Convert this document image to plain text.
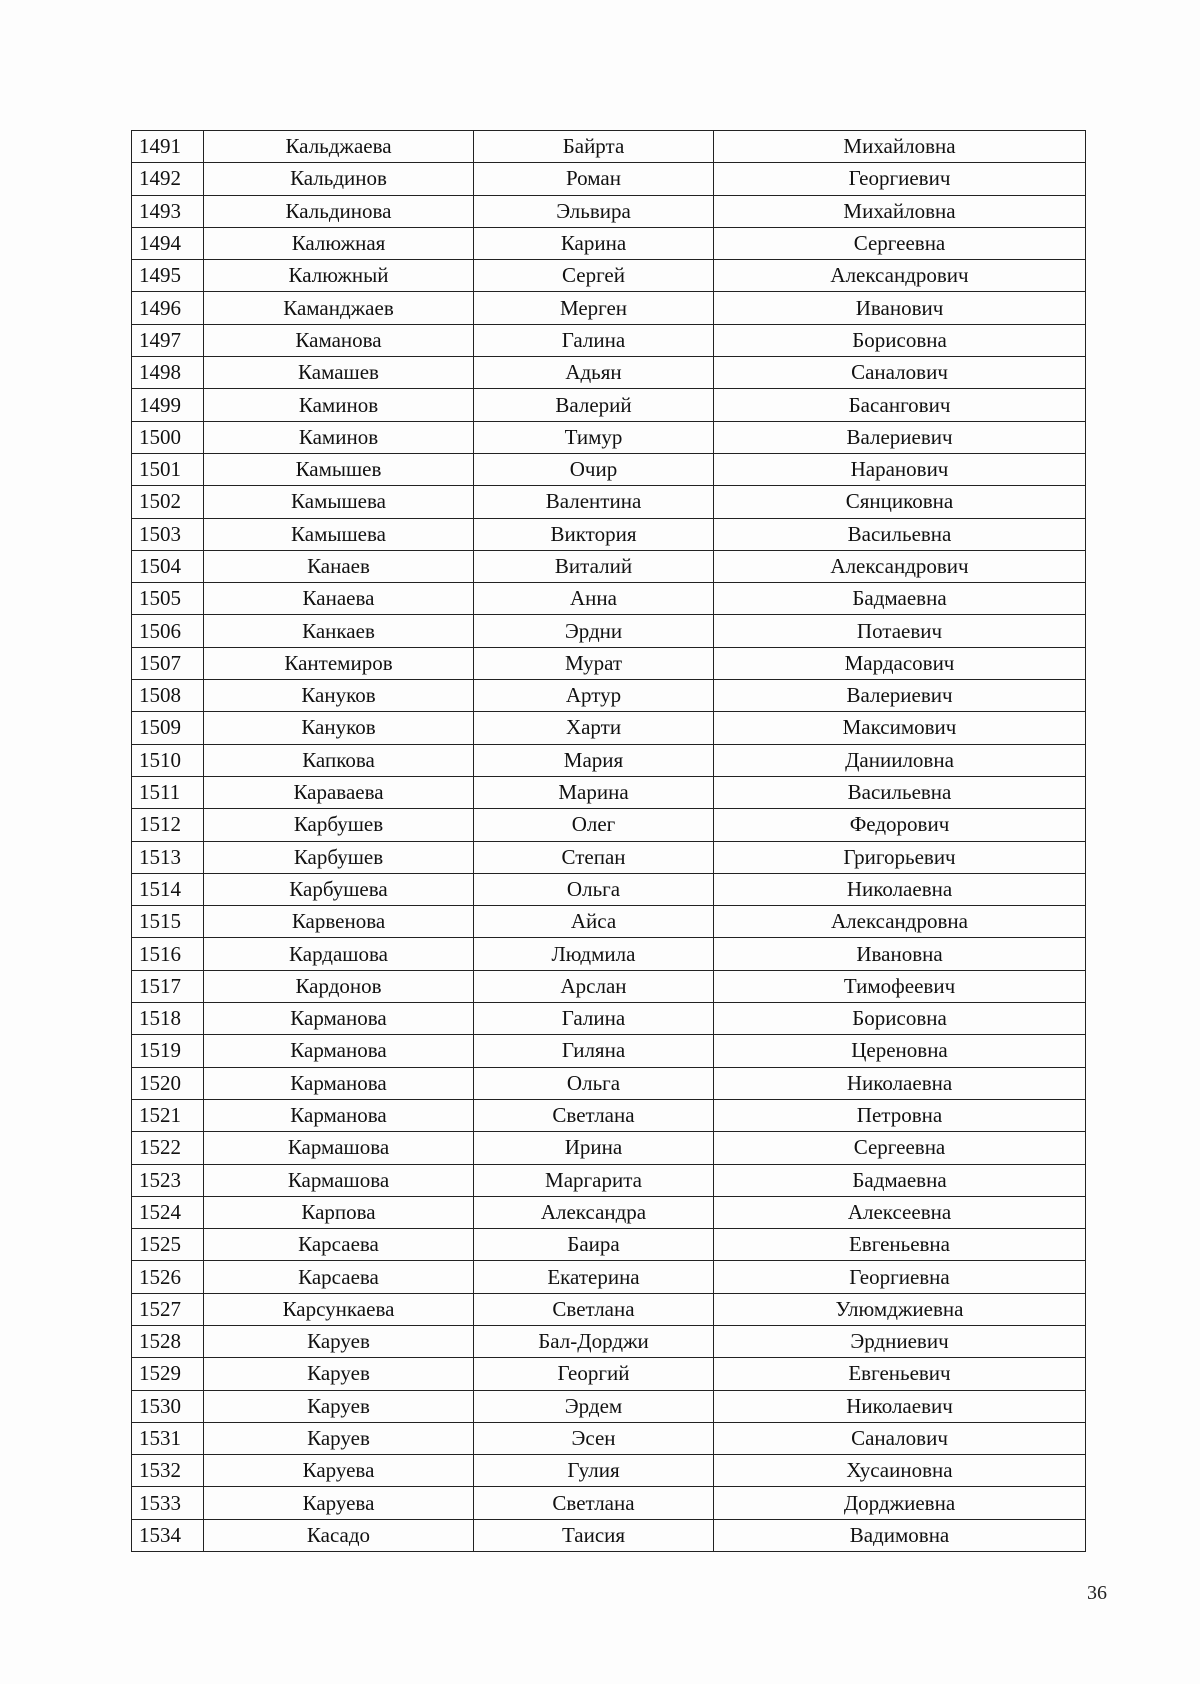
1491	Кальджаева	Байрта	Михайловна
1492	Кальдинов	Роман	Георгиевич
1493	Кальдинова	Эльвира	Михайловна
1494	Калюжная	Карина	Сергеевна
1495	Калюжный	Сергей	Александрович
1496	Каманджаев	Мерген	Иванович
1497	Каманова	Галина	Борисовна
1498	Камашев	Адьян	Саналович
1499	Каминов	Валерий	Басангович
1500	Каминов	Тимур	Валериевич
1501	Камышев	Очир	Наранович
1502	Камышева	Валентина	Сянциковна
1503	Камышева	Виктория	Васильевна
1504	Канаев	Виталий	Александрович
1505	Канаева	Анна	Бадмаевна
1506	Канкаев	Эрдни	Потаевич
1507	Кантемиров	Мурат	Мардасович
1508	Кануков	Артур	Валериевич
1509	Кануков	Харти	Максимович
1510	Капкова	Мария	Данииловна
1511	Караваева	Марина	Васильевна
1512	Карбушев	Олег	Федорович
1513	Карбушев	Степан	Григорьевич
1514	Карбушева	Ольга	Николаевна
1515	Карвенова	Айса	Александровна
1516	Кардашова	Людмила	Ивановна
1517	Кардонов	Арслан	Тимофеевич
1518	Карманова	Галина	Борисовна
1519	Карманова	Гиляна	Цереновна
1520	Карманова	Ольга	Николаевна
1521	Карманова	Светлана	Петровна
1522	Кармашова	Ирина	Сергеевна
1523	Кармашова	Маргарита	Бадмаевна
1524	Карпова	Александра	Алексеевна
1525	Карсаева	Баира	Евгеньевна
1526	Карсаева	Екатерина	Георгиевна
1527	Карсункаева	Светлана	Улюмджиевна
1528	Каруев	Бал-Дорджи	Эрдниевич
1529	Каруев	Георгий	Евгеньевич
1530	Каруев	Эрдем	Николаевич
1531	Каруев	Эсен	Саналович
1532	Каруева	Гулия	Хусаиновна
1533	Каруева	Светлана	Дорджиевна
1534	Касадо	Таисия	Вадимовна
36
